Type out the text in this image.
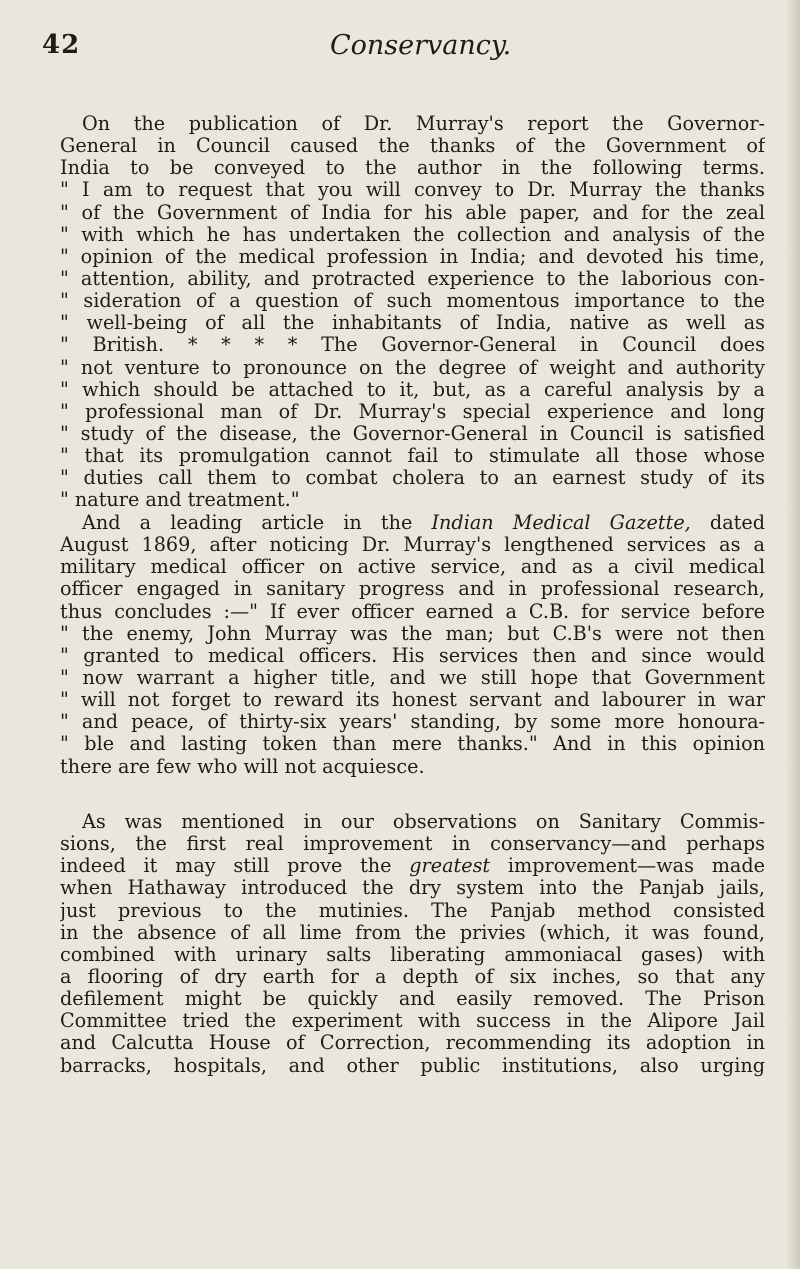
42	Conservancy.
On the publication of Dr. Murray's report the Governor-
General in Council caused the thanks of the Government of
India to be conveyed to the author in the following terms.
" I am to request that you will convey to Dr. Murray the thanks
" of the Government of India for his able paper, and for the zeal
" with which he has undertaken the collection and analysis of the
" opinion of the medical profession in India; and devoted his time,
" attention, ability, and protracted experience to the laborious con-
" sideration of a question of such momentous importance to the
" well-being of all the inhabitants of India, native as well as
" British. * * * * The Governor-General in Council does
" not venture to pronounce on the degree of weight and authority
" which should be attached to it, but, as a careful analysis by a
" professional man of Dr. Murray's special experience and long
" study of the disease, the Governor-General in Council is satisfied
" that its promulgation cannot fail to stimulate all those whose
" duties call them to combat cholera to an earnest study of its
" nature and treatment."
And a leading article in the Indian Medical Gazette, dated
August 1869, after noticing Dr. Murray's lengthened services as a
military medical officer on active service, and as a civil medical
officer engaged in sanitary progress and in professional research,
thus concludes :—" If ever officer earned a C.B. for service before
" the enemy, John Murray was the man; but C.B's were not then
" granted to medical officers. His services then and since would
" now warrant a higher title, and we still hope that Government
" will not forget to reward its honest servant and labourer in war
" and peace, of thirty-six years' standing, by some more honoura-
" ble and lasting token than mere thanks." And in this opinion
there are few who will not acquiesce.
As was mentioned in our observations on Sanitary Commis-
sions, the first real improvement in conservancy—and perhaps
indeed it may still prove the greatest improvement—was made
when Hathaway introduced the dry system into the Panjab jails,
just previous to the mutinies. The Panjab method consisted
in the absence of all lime from the privies (which, it was found,
combined with urinary salts liberating ammoniacal gases) with
a flooring of dry earth for a depth of six inches, so that any
defilement might be quickly and easily removed. The Prison
Committee tried the experiment with success in the Alipore Jail
and Calcutta House of Correction, recommending its adoption in
barracks, hospitals, and other public institutions, also urging
